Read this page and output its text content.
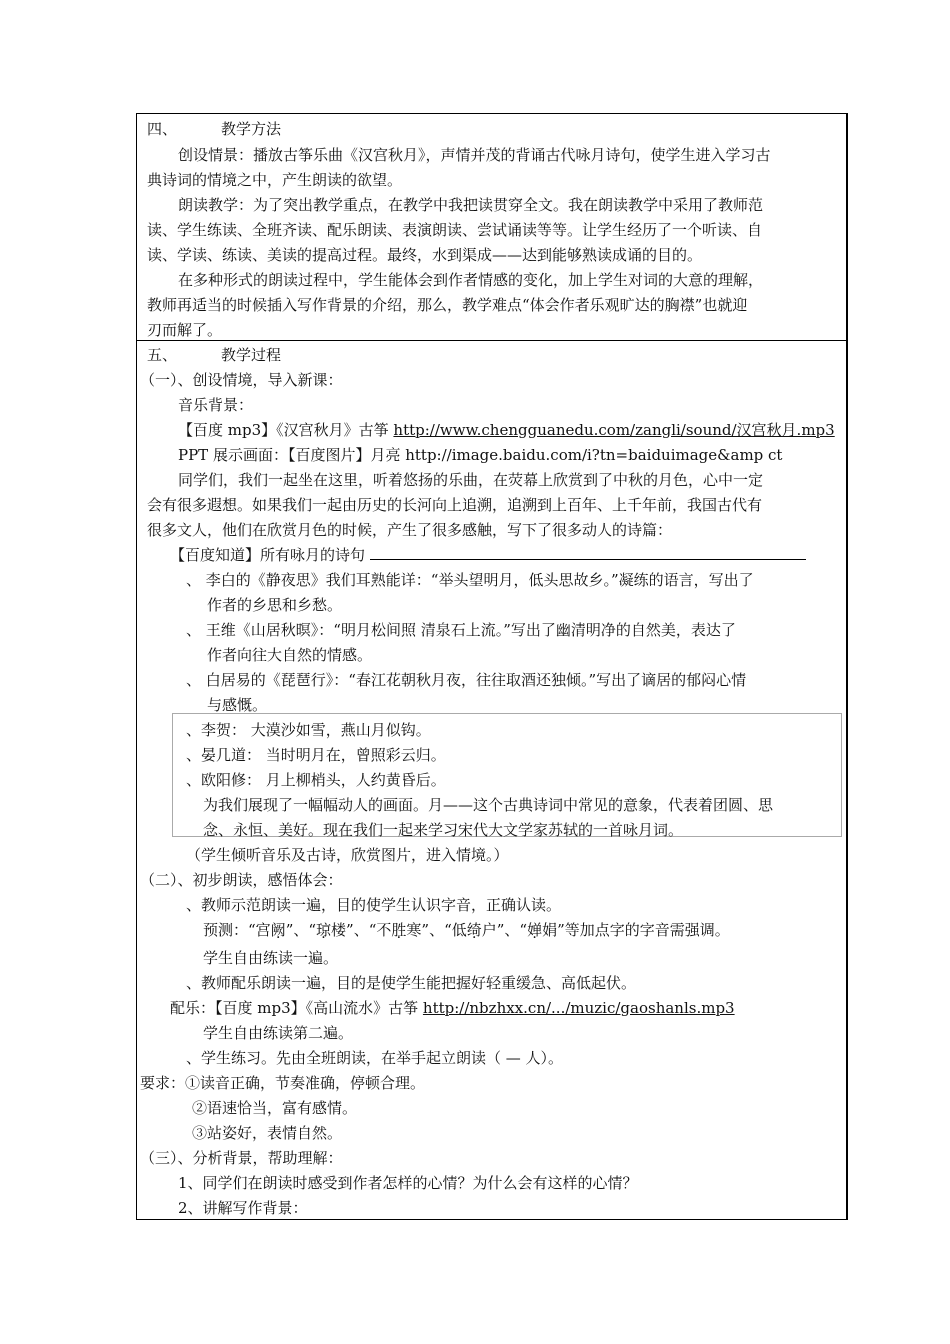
四、	教学方法
创设情景：播放古筝乐曲《汉宫秋月》，声情并茂的背诵古代咏月诗句，使学生进入学习古
典诗词的情境之中，产生朗读的欲望。
朗读教学：为了突出教学重点，在教学中我把读贯穿全文。我在朗读教学中采用了教师范
读、学生练读、全班齐读、配乐朗读、表演朗读、尝试诵读等等。让学生经历了一个听读、自
读、学读、练读、美读的提高过程。最终，水到渠成——达到能够熟读成诵的目的。
在多种形式的朗读过程中，学生能体会到作者情感的变化，加上学生对词的大意的理解，
教师再适当的时候插入写作背景的介绍，那么，教学难点“体会作者乐观旷达的胸襟”也就迎
刃而解了。
五、	教学过程
（一）、创设情境，导入新课：
音乐背景：
【百度 mp3】《汉宫秋月》古筝 http://www.chengguanedu.com/zangli/sound/汉宫秋月.mp3
PPT 展示画面：【百度图片】月亮 http://image.baidu.com/i?tn=baiduimage&amp ct
同学们，我们一起坐在这里，听着悠扬的乐曲，在荧幕上欣赏到了中秋的月色，心中一定
会有很多遐想。如果我们一起由历史的长河向上追溯，追溯到上百年、上千年前，我国古代有
很多文人，他们在欣赏月色的时候，产生了很多感触，写下了很多动人的诗篇：
【百度知道】所有咏月的诗句
、 李白的《静夜思》我们耳熟能详：“举头望明月，低头思故乡。”凝练的语言，写出了
作者的乡思和乡愁。
、 王维《山居秋暝》：“明月松间照 清泉石上流。”写出了幽清明净的自然美，表达了
作者向往大自然的情感。
、 白居易的《琵琶行》：“春江花朝秋月夜，往往取酒还独倾。”写出了谪居的郁闷心情
与感慨。
、李贺： 大漠沙如雪，燕山月似钩。
、晏几道： 当时明月在，曾照彩云归。
、欧阳修： 月上柳梢头，人约黄昏后。
为我们展现了一幅幅动人的画面。月——这个古典诗词中常见的意象，代表着团圆、思
念、永恒、美好。现在我们一起来学习宋代大文学家苏轼的一首咏月词。
（学生倾听音乐及古诗，欣赏图片，进入情境。）
（二）、初步朗读，感悟体会：
、教师示范朗读一遍，目的使学生认识字音，正确认读。
预测：“宫阙”、“琼楼”、“不胜寒”、“低绮户”、“婵娟”等加点字的字音需强调。
学生自由练读一遍。
、教师配乐朗读一遍，目的是使学生能把握好轻重缓急、高低起伏。
配乐：【百度 mp3】《高山流水》古筝 http://nbzhxx.cn/.../muzic/gaoshanls.mp3
学生自由练读第二遍。
、学生练习。先由全班朗读，在举手起立朗读（ — 人）。
要求：①读音正确，节奏准确，停顿合理。
②语速恰当，富有感情。
③站姿好，表情自然。
（三）、分析背景，帮助理解：
1、同学们在朗读时感受到作者怎样的心情？为什么会有这样的心情？
2、讲解写作背景：
